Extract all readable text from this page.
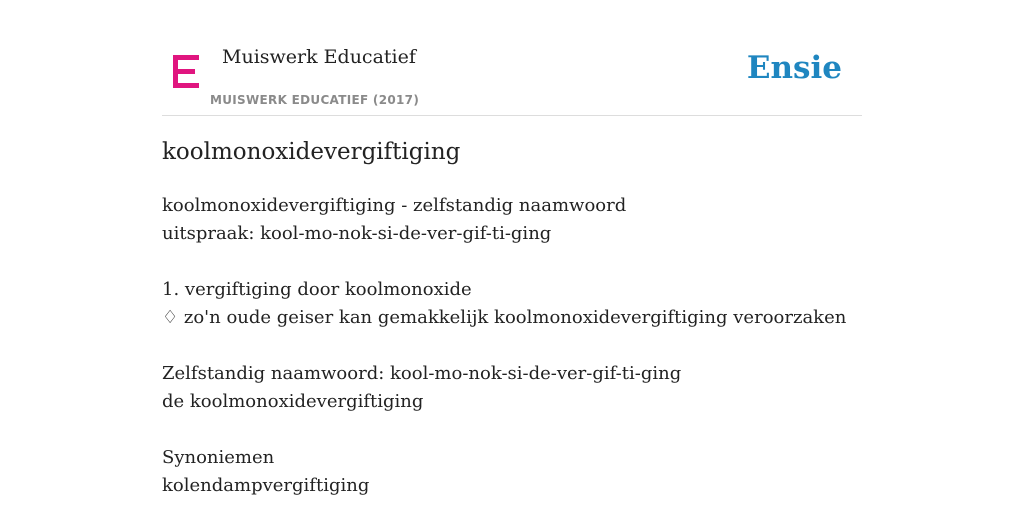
Muiswerk Educatief
MUISWERK EDUCATIEF (2017)
Ensie
koolmonoxidevergiftiging
koolmonoxidevergiftiging - zelfstandig naamwoord
uitspraak: kool-mo-nok-si-de-ver-gif-ti-ging
1. vergiftiging door koolmonoxide
♢ zo'n oude geiser kan gemakkelijk koolmonoxidevergiftiging veroorzaken
Zelfstandig naamwoord: kool-mo-nok-si-de-ver-gif-ti-ging
de koolmonoxidevergiftiging
Synoniemen
kolendampvergiftiging
